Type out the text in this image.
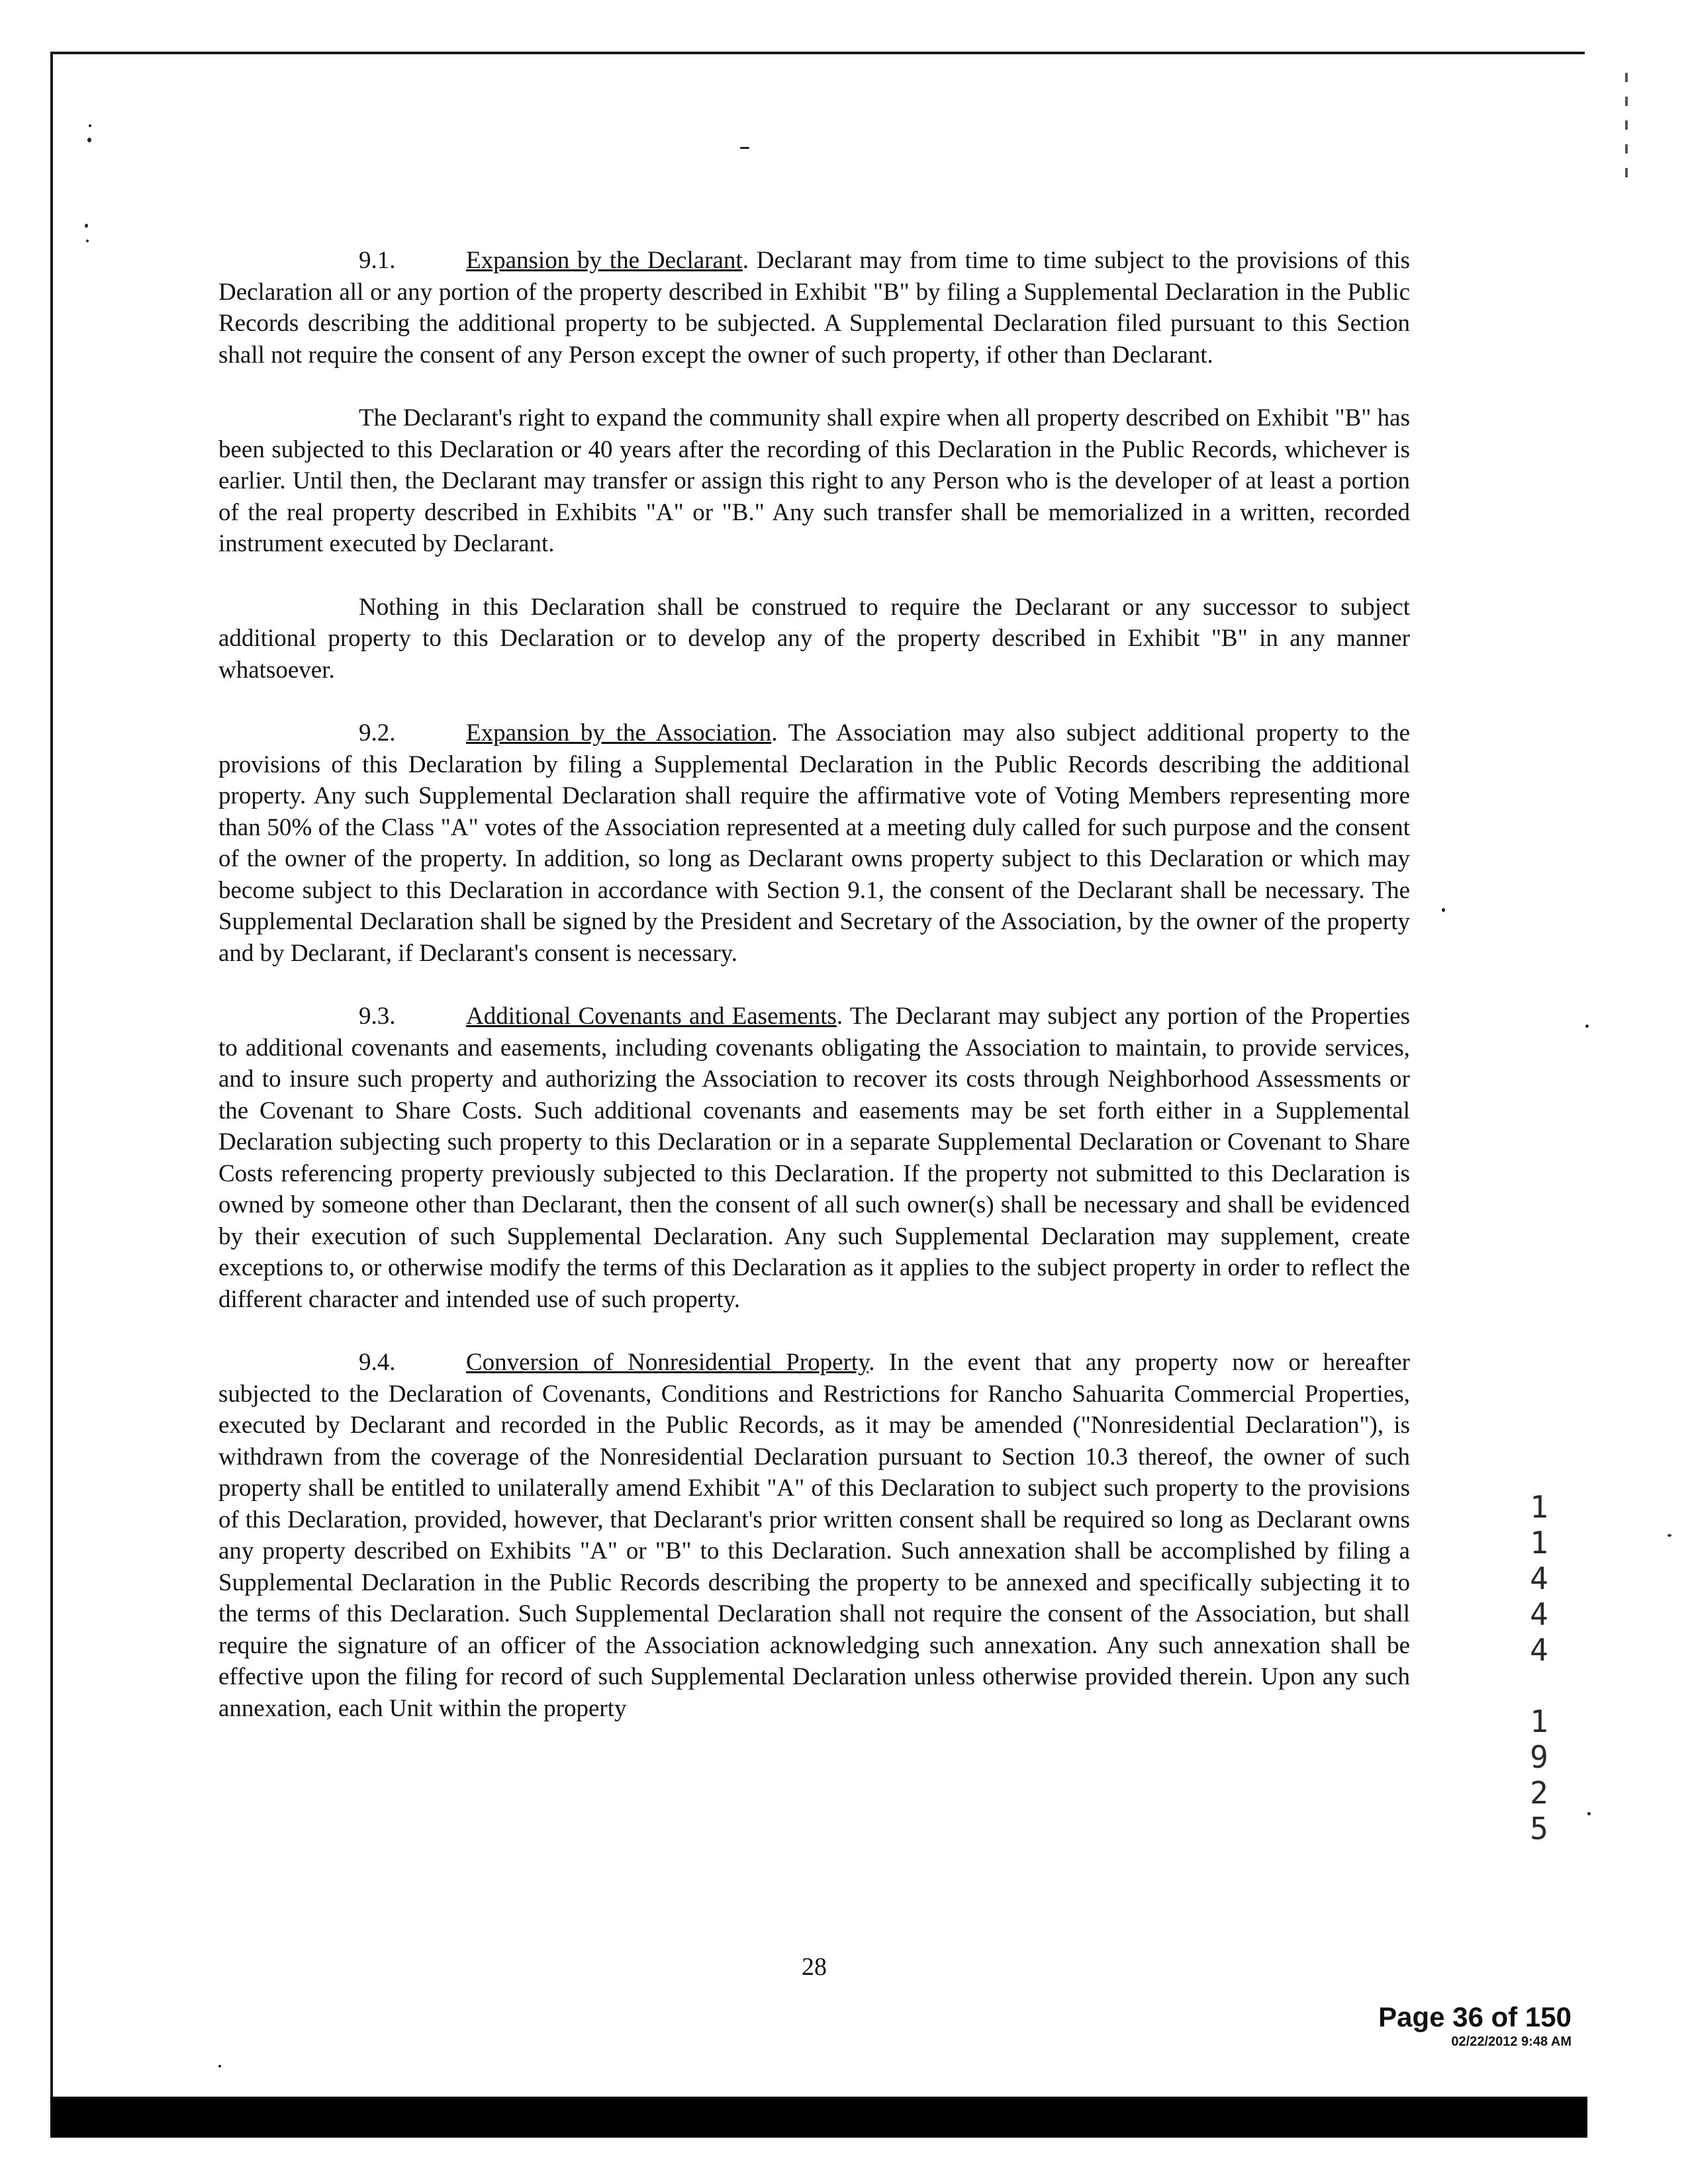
9.1.	Expansion by the Declarant. Declarant may from time to time subject to the provisions of this Declaration all or any portion of the property described in Exhibit "B" by filing a Supplemental Declaration in the Public Records describing the additional property to be subjected. A Supplemental Declaration filed pursuant to this Section shall not require the consent of any Person except the owner of such property, if other than Declarant.

The Declarant's right to expand the community shall expire when all property described on Exhibit "B" has been subjected to this Declaration or 40 years after the recording of this Declaration in the Public Records, whichever is earlier. Until then, the Declarant may transfer or assign this right to any Person who is the developer of at least a portion of the real property described in Exhibits "A" or "B." Any such transfer shall be memorialized in a written, recorded instrument executed by Declarant.

Nothing in this Declaration shall be construed to require the Declarant or any successor to subject additional property to this Declaration or to develop any of the property described in Exhibit "B" in any manner whatsoever.

9.2.	Expansion by the Association. The Association may also subject additional property to the provisions of this Declaration by filing a Supplemental Declaration in the Public Records describing the additional property. Any such Supplemental Declaration shall require the affirmative vote of Voting Members representing more than 50% of the Class "A" votes of the Association represented at a meeting duly called for such purpose and the consent of the owner of the property. In addition, so long as Declarant owns property subject to this Declaration or which may become subject to this Declaration in accordance with Section 9.1, the consent of the Declarant shall be necessary. The Supplemental Declaration shall be signed by the President and Secretary of the Association, by the owner of the property and by Declarant, if Declarant's consent is necessary.

9.3.	Additional Covenants and Easements. The Declarant may subject any portion of the Properties to additional covenants and easements, including covenants obligating the Association to maintain, to provide services, and to insure such property and authorizing the Association to recover its costs through Neighborhood Assessments or the Covenant to Share Costs. Such additional covenants and easements may be set forth either in a Supplemental Declaration subjecting such property to this Declaration or in a separate Supplemental Declaration or Covenant to Share Costs referencing property previously subjected to this Declaration. If the property not submitted to this Declaration is owned by someone other than Declarant, then the consent of all such owner(s) shall be necessary and shall be evidenced by their execution of such Supplemental Declaration. Any such Supplemental Declaration may supplement, create exceptions to, or otherwise modify the terms of this Declaration as it applies to the subject property in order to reflect the different character and intended use of such property.

9.4.	Conversion of Nonresidential Property. In the event that any property now or hereafter subjected to the Declaration of Covenants, Conditions and Restrictions for Rancho Sahuarita Commercial Properties, executed by Declarant and recorded in the Public Records, as it may be amended ("Nonresidential Declaration"), is withdrawn from the coverage of the Nonresidential Declaration pursuant to Section 10.3 thereof, the owner of such property shall be entitled to unilaterally amend Exhibit "A" of this Declaration to subject such property to the provisions of this Declaration, provided, however, that Declarant's prior written consent shall be required so long as Declarant owns any property described on Exhibits "A" or "B" to this Declaration. Such annexation shall be accomplished by filing a Supplemental Declaration in the Public Records describing the property to be annexed and specifically subjecting it to the terms of this Declaration. Such Supplemental Declaration shall not require the consent of the Association, but shall require the signature of an officer of the Association acknowledging such annexation. Any such annexation shall be effective upon the filing for record of such Supplemental Declaration unless otherwise provided therein. Upon any such annexation, each Unit within the property

28
1
1
4
4
4
1
9
2
5
Page 36 of 150
02/22/2012 9:48 AM
